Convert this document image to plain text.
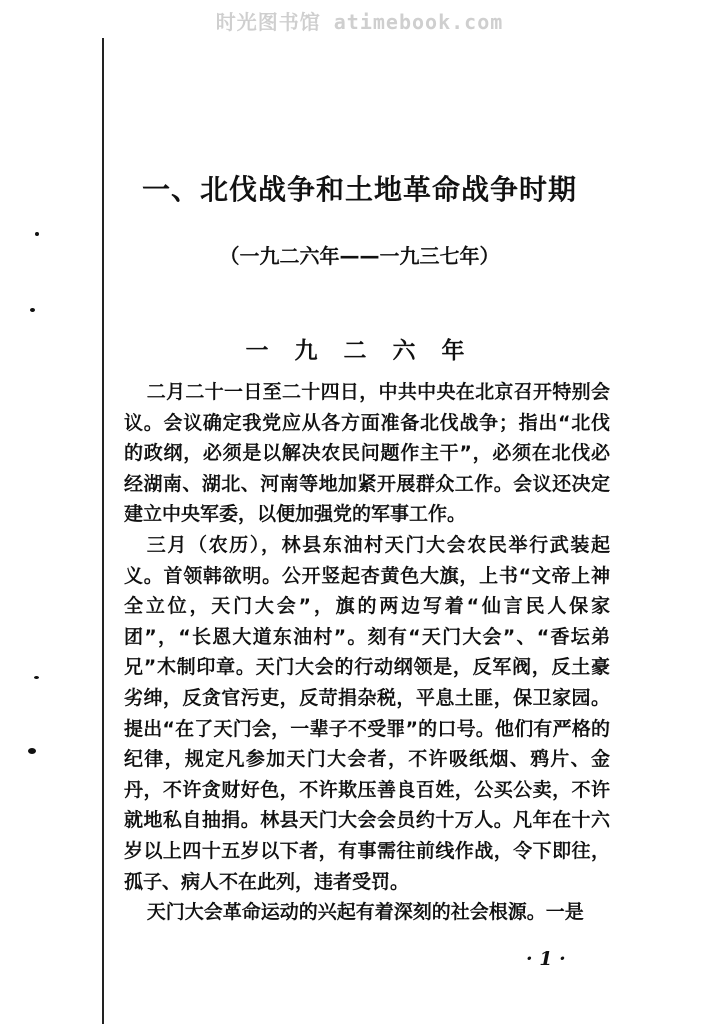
时光图书馆 atimebook.com
一、北伐战争和土地革命战争时期
（一九二六年——一九三七年）
一 九 二 六 年

二月二十一日至二十四日，中共中央在北京召开特别会议。会议确定我党应从各方面准备北伐战争；指出“北伐的政纲，必须是以解决农民问题作主干”，必须在北伐必经湖南、湖北、河南等地加紧开展群众工作。会议还决定建立中央军委，以便加强党的军事工作。

三月（农历），林县东油村天门大会农民举行武装起义。首领韩欲明。公开竖起杏黄色大旗，上书“文帝上神全立位，天门大会”，旗的两边写着“仙言民人保家团”，“长恩大道东油村”。刻有“天门大会”、“香坛弟兄”木制印章。天门大会的行动纲领是，反军阀，反土豪劣绅，反贪官污吏，反苛捐杂税，平息土匪，保卫家园。提出“在了天门会，一辈子不受罪”的口号。他们有严格的纪律，规定凡参加天门大会者，不许吸纸烟、鸦片、金丹，不许贪财好色，不许欺压善良百姓，公买公卖，不许就地私自抽捐。林县天门大会会员约十万人。凡年在十六岁以上四十五岁以下者，有事需往前线作战，令下即往，孤子、病人不在此列，违者受罚。

天门大会革命运动的兴起有着深刻的社会根源。一是

· 1 ·
